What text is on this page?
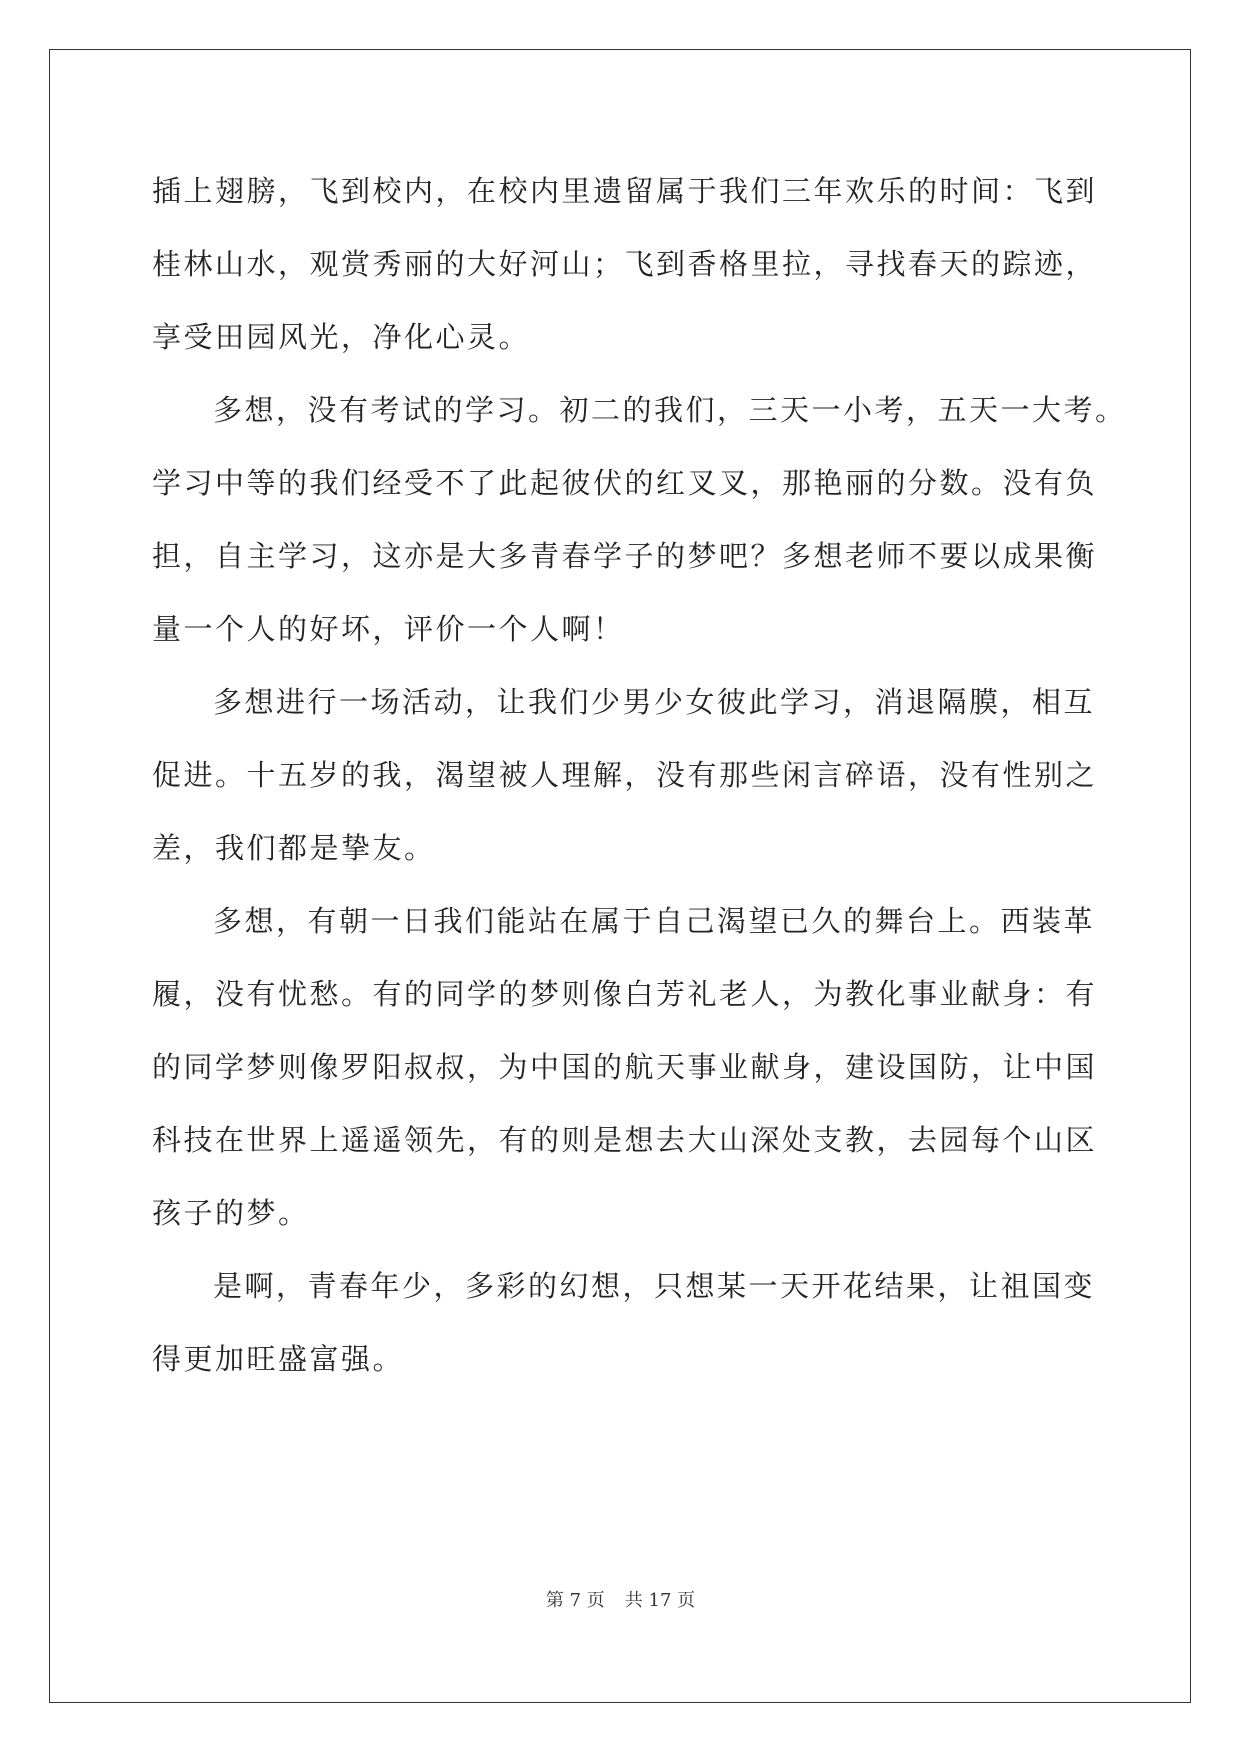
插上翅膀，飞到校内，在校内里遗留属于我们三年欢乐的时间：飞到
桂林山水，观赏秀丽的大好河山；飞到香格里拉，寻找春天的踪迹，
享受田园风光，净化心灵。
多想，没有考试的学习。初二的我们，三天一小考，五天一大考。
学习中等的我们经受不了此起彼伏的红叉叉，那艳丽的分数。没有负
担，自主学习，这亦是大多青春学子的梦吧？多想老师不要以成果衡
量一个人的好坏，评价一个人啊！
多想进行一场活动，让我们少男少女彼此学习，消退隔膜，相互
促进。十五岁的我，渴望被人理解，没有那些闲言碎语，没有性别之
差，我们都是挚友。
多想，有朝一日我们能站在属于自己渴望已久的舞台上。西装革
履，没有忧愁。有的同学的梦则像白芳礼老人，为教化事业献身：有
的同学梦则像罗阳叔叔，为中国的航天事业献身，建设国防，让中国
科技在世界上遥遥领先，有的则是想去大山深处支教，去园每个山区
孩子的梦。
是啊，青春年少，多彩的幻想，只想某一天开花结果，让祖国变
得更加旺盛富强。
第 7 页 共 17 页
